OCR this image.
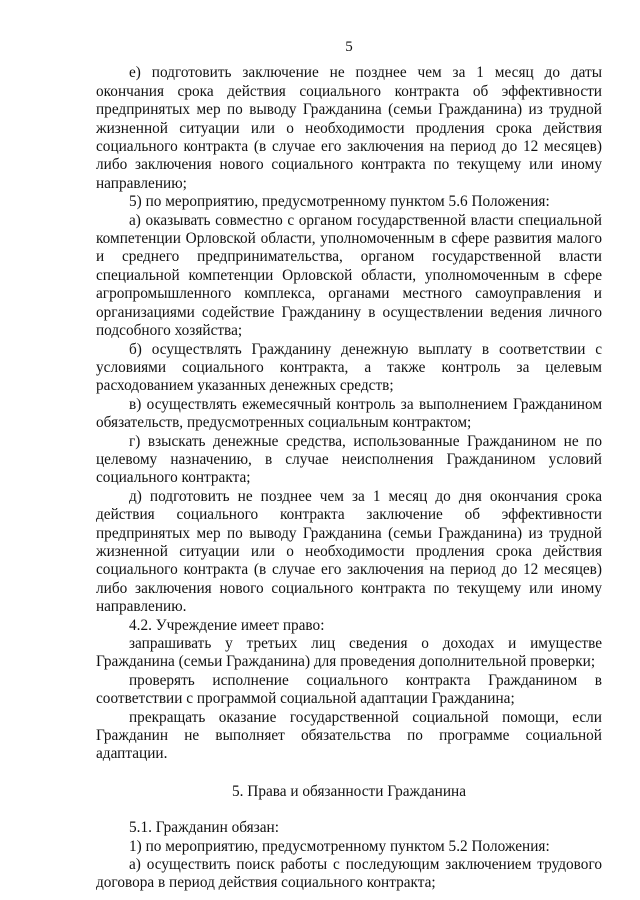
5

е) подготовить заключение не позднее чем за 1 месяц до даты окончания срока действия социального контракта об эффективности предпринятых мер по выводу Гражданина (семьи Гражданина) из трудной жизненной ситуации или о необходимости продления срока действия социального контракта (в случае его заключения на период до 12 месяцев) либо заключения нового социального контракта по текущему или иному направлению;

5) по мероприятию, предусмотренному пунктом 5.6 Положения:

а) оказывать совместно с органом государственной власти специальной компетенции Орловской области, уполномоченным в сфере развития малого и среднего предпринимательства, органом государственной власти специальной компетенции Орловской области, уполномоченным в сфере агропромышленного комплекса, органами местного самоуправления и организациями содействие Гражданину в осуществлении ведения личного подсобного хозяйства;

б) осуществлять Гражданину денежную выплату в соответствии с условиями социального контракта, а также контроль за целевым расходованием указанных денежных средств;

в) осуществлять ежемесячный контроль за выполнением Гражданином обязательств, предусмотренных социальным контрактом;

г) взыскать денежные средства, использованные Гражданином не по целевому назначению, в случае неисполнения Гражданином условий социального контракта;

д) подготовить не позднее чем за 1 месяц до дня окончания срока действия социального контракта заключение об эффективности предпринятых мер по выводу Гражданина (семьи Гражданина) из трудной жизненной ситуации или о необходимости продления срока действия социального контракта (в случае его заключения на период до 12 месяцев) либо заключения нового социального контракта по текущему или иному направлению.

4.2. Учреждение имеет право:

запрашивать у третьих лиц сведения о доходах и имуществе Гражданина (семьи Гражданина) для проведения дополнительной проверки;

проверять исполнение социального контракта Гражданином в соответствии с программой социальной адаптации Гражданина;

прекращать оказание государственной социальной помощи, если Гражданин не выполняет обязательства по программе социальной адаптации.

5. Права и обязанности Гражданина

5.1. Гражданин обязан:

1) по мероприятию, предусмотренному пунктом 5.2 Положения:

а) осуществить поиск работы с последующим заключением трудового договора в период действия социального контракта;
